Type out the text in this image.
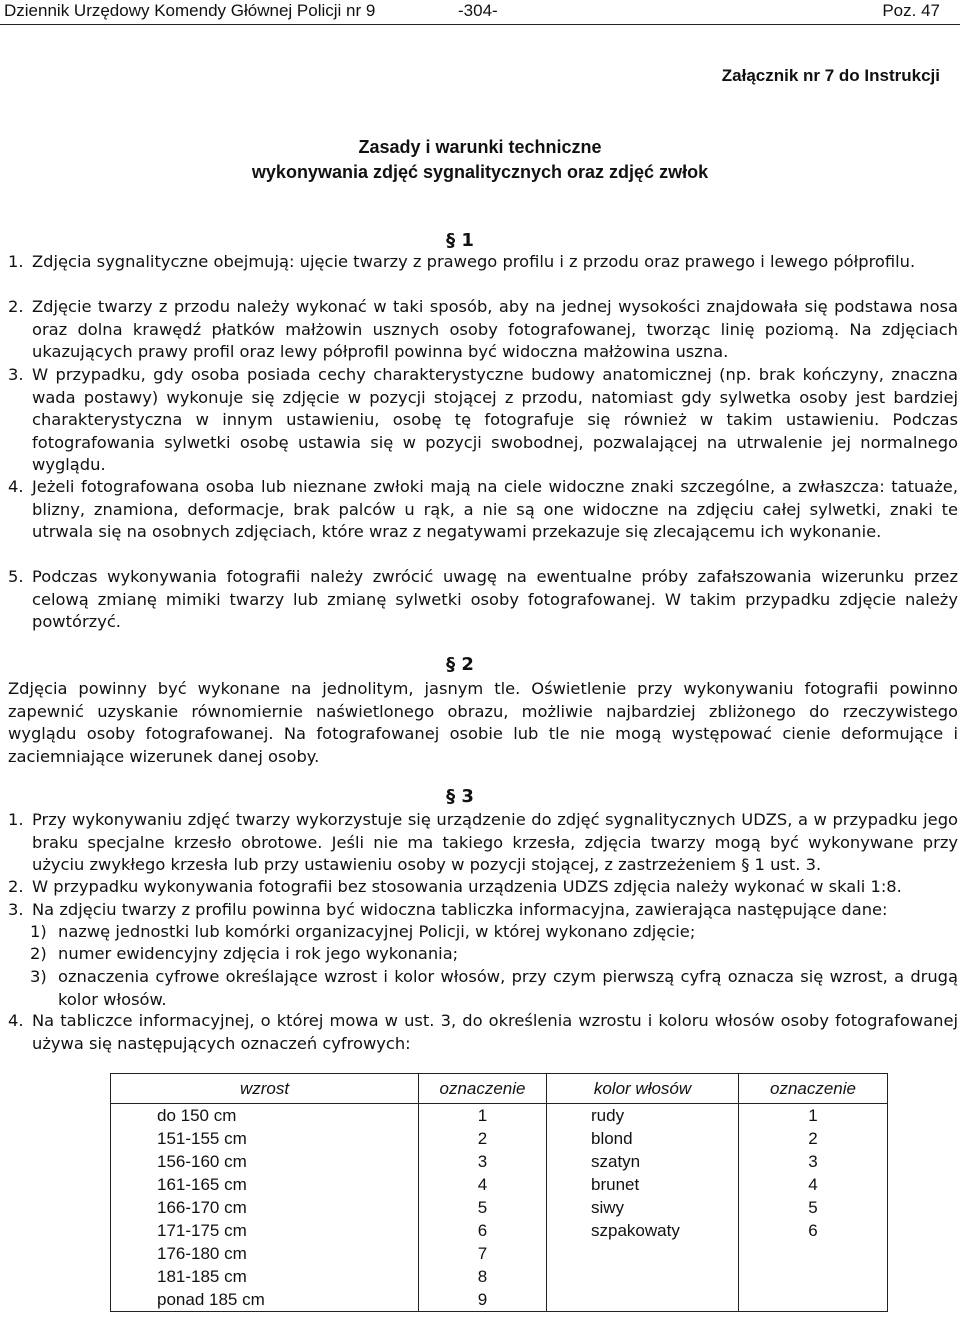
Dziennik Urzędowy Komendy Głównej Policji nr 9	-304-	Poz. 47
Załącznik nr 7 do Instrukcji
Zasady i warunki techniczne
wykonywania zdjęć sygnalitycznych oraz zdjęć zwłok
§ 1
1. Zdjęcia sygnalityczne obejmują: ujęcie twarzy z prawego profilu i z przodu oraz prawego i lewego półprofilu.
2. Zdjęcie twarzy z przodu należy wykonać w taki sposób, aby na jednej wysokości znajdowała się podstawa nosa oraz dolna krawędź płatków małżowin usznych osoby fotografowanej, tworząc linię poziomą. Na zdjęciach ukazujących prawy profil oraz lewy półprofil powinna być widoczna małżowina uszna.
3. W przypadku, gdy osoba posiada cechy charakterystyczne budowy anatomicznej (np. brak kończyny, znaczna wada postawy) wykonuje się zdjęcie w pozycji stojącej z przodu, natomiast gdy sylwetka osoby jest bardziej charakterystyczna w innym ustawieniu, osobę tę fotografuje się również w takim ustawieniu. Podczas fotografowania sylwetki osobę ustawia się w pozycji swobodnej, pozwalającej na utrwalenie jej normalnego wyglądu.
4. Jeżeli fotografowana osoba lub nieznane zwłoki mają na ciele widoczne znaki szczególne, a zwłaszcza: tatuaże, blizny, znamiona, deformacje, brak palców u rąk, a nie są one widoczne na zdjęciu całej sylwetki, znaki te utrwala się na osobnych zdjęciach, które wraz z negatywami przekazuje się zlecającemu ich wykonanie.
5. Podczas wykonywania fotografii należy zwrócić uwagę na ewentualne próby zafałszowania wizerunku przez celową zmianę mimiki twarzy lub zmianę sylwetki osoby fotografowanej. W takim przypadku zdjęcie należy powtórzyć.
§ 2
Zdjęcia powinny być wykonane na jednolitym, jasnym tle. Oświetlenie przy wykonywaniu fotografii powinno zapewnić uzyskanie równomiernie naświetlonego obrazu, możliwie najbardziej zbliżonego do rzeczywistego wyglądu osoby fotografowanej. Na fotografowanej osobie lub tle nie mogą występować cienie deformujące i zaciemniające wizerunek danej osoby.
§ 3
1. Przy wykonywaniu zdjęć twarzy wykorzystuje się urządzenie do zdjęć sygnalitycznych UDZS, a w przypadku jego braku specjalne krzesło obrotowe. Jeśli nie ma takiego krzesła, zdjęcia twarzy mogą być wykonywane przy użyciu zwykłego krzesła lub przy ustawieniu osoby w pozycji stojącej, z zastrzeżeniem § 1 ust. 3.
2. W przypadku wykonywania fotografii bez stosowania urządzenia UDZS zdjęcia należy wykonać w skali 1:8.
3. Na zdjęciu twarzy z profilu powinna być widoczna tabliczka informacyjna, zawierająca następujące dane:
1) nazwę jednostki lub komórki organizacyjnej Policji, w której wykonano zdjęcie;
2) numer ewidencyjny zdjęcia i rok jego wykonania;
3) oznaczenia cyfrowe określające wzrost i kolor włosów, przy czym pierwszą cyfrą oznacza się wzrost, a drugą kolor włosów.
4. Na tabliczce informacyjnej, o której mowa w ust. 3, do określenia wzrostu i koloru włosów osoby fotografowanej używa się następujących oznaczeń cyfrowych:
wzrost	oznaczenie	kolor włosów	oznaczenie
do 150 cm	1	rudy	1
151-155 cm	2	blond	2
156-160 cm	3	szatyn	3
161-165 cm	4	brunet	4
166-170 cm	5	siwy	5
171-175 cm	6	szpakowaty	6
176-180 cm	7		
181-185 cm	8		
ponad 185 cm	9		
